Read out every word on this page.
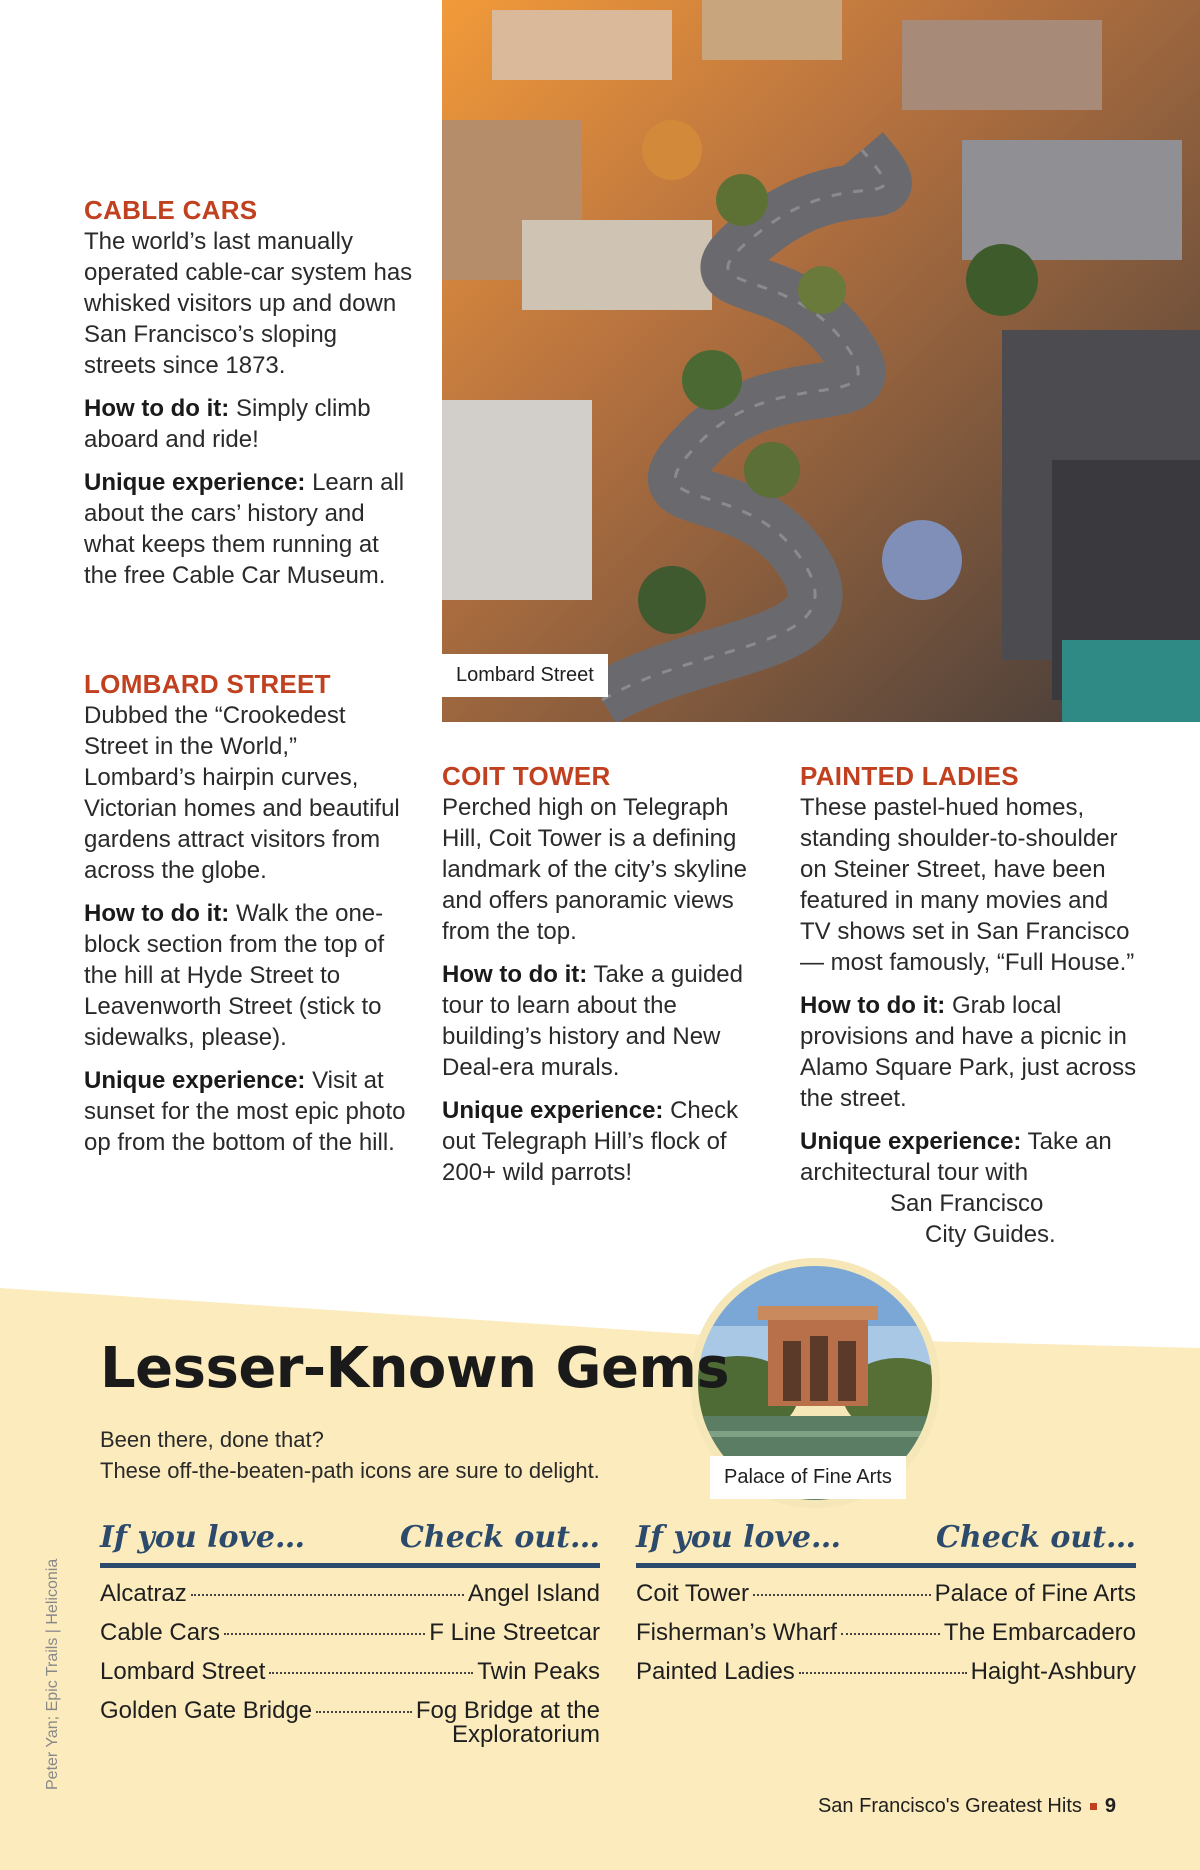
Lombard Street
CABLE CARS

The world’s last manually operated cable-car system has whisked visitors up and down San Francisco’s sloping streets since 1873.

How to do it: Simply climb aboard and ride!

Unique experience: Learn all about the cars’ history and what keeps them running at the free Cable Car Museum.

LOMBARD STREET

Dubbed the “Crookedest Street in the World,” Lombard’s hairpin curves, Victorian homes and beautiful gardens attract visitors from across the globe.

How to do it: Walk the one-block section from the top of the hill at Hyde Street to Leavenworth Street (stick to sidewalks, please).

Unique experience: Visit at sunset for the most epic photo op from the bottom of the hill.

COIT TOWER

Perched high on Telegraph Hill, Coit Tower is a defining landmark of the city’s skyline and offers panoramic views from the top.

How to do it: Take a guided tour to learn about the building’s history and New Deal-era murals.

Unique experience: Check out Telegraph Hill’s flock of 200+ wild parrots!

PAINTED LADIES

These pastel-hued homes, standing shoulder-to-shoulder on Steiner Street, have been featured in many movies and TV shows set in San Francisco — most famously, “Full House.”

How to do it: Grab local provisions and have a picnic in Alamo Square Park, just across the street.

Unique experience: Take an architectural tour with
San Francisco
City Guides.

Palace of Fine Arts
Lesser-Known Gems
Been there, done that?
These off-the-beaten-path icons are sure to delight.
If you love…	Check out…
Alcatraz	Angel Island
Cable Cars	F Line Streetcar
Lombard Street	Twin Peaks
Golden Gate Bridge	Fog Bridge at the
Exploratorium
If you love…	Check out…
Coit Tower	Palace of Fine Arts
Fisherman’s Wharf	The Embarcadero
Painted Ladies	Haight-Ashbury
Peter Yan; Epic Trails | Heliconia
San Francisco's Greatest Hits 9
